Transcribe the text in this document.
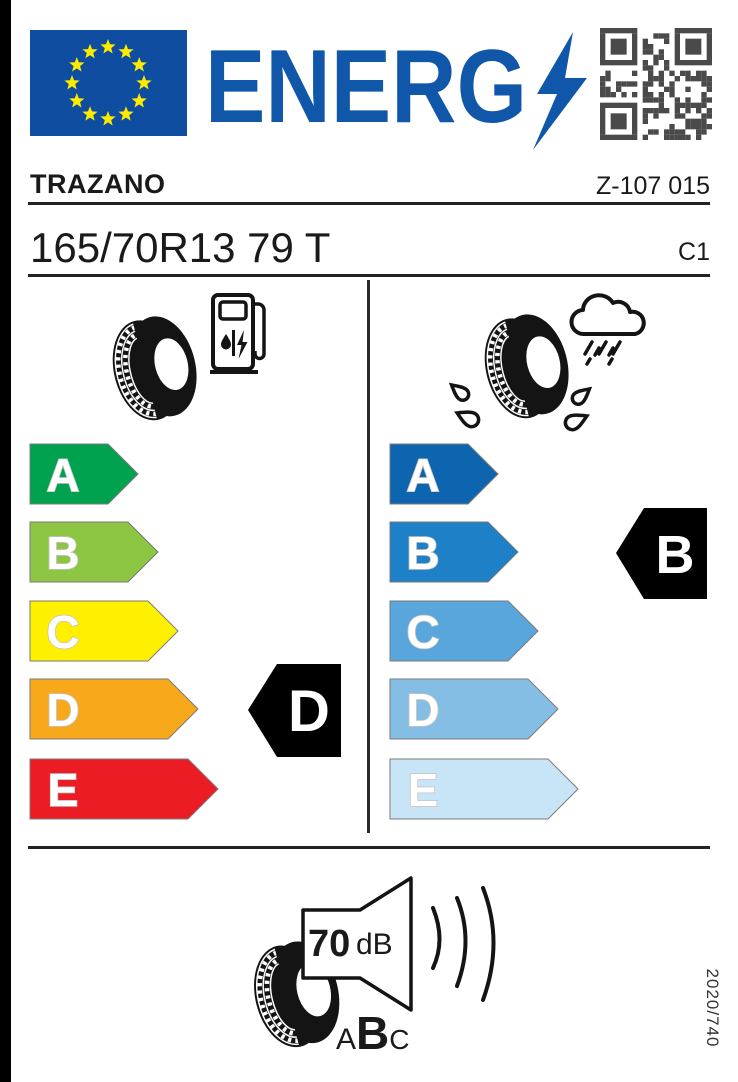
ENERG
TRAZANO	Z-107 015
165/70R13 79 T	C1
A
B
C
D
E
A
B
C
D
E
D
B
70 dB
A B C	2020/740
